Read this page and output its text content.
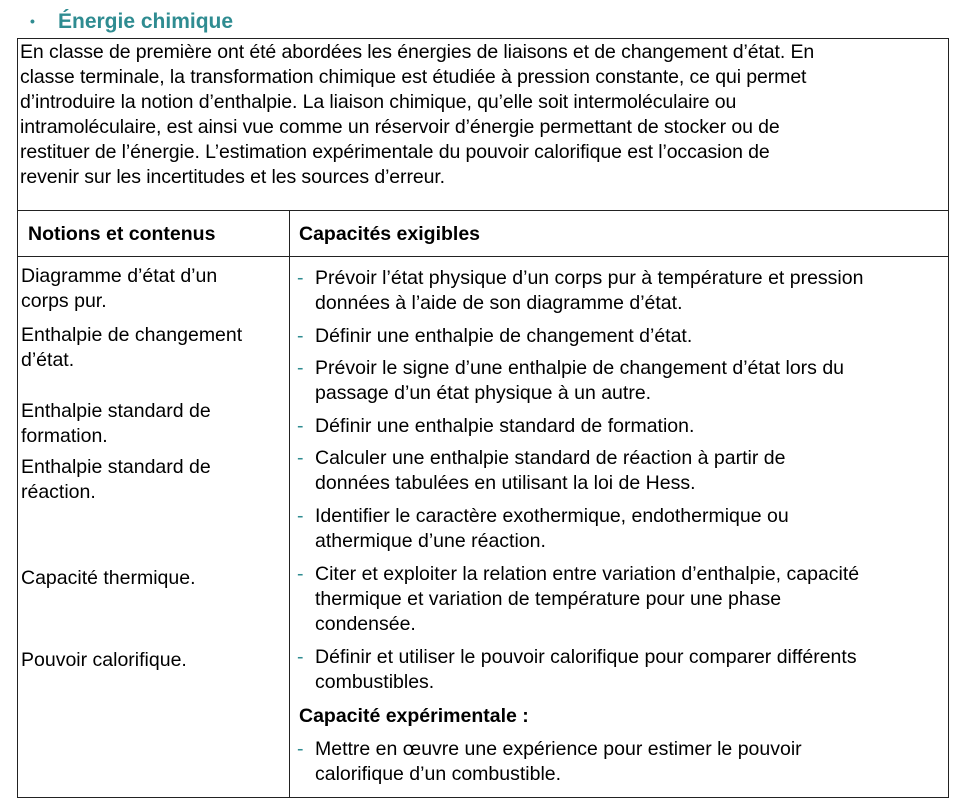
•	Énergie chimique
En classe de première ont été abordées les énergies de liaisons et de changement d’état. En
classe terminale, la transformation chimique est étudiée à pression constante, ce qui permet
d’introduire la notion d’enthalpie. La liaison chimique, qu’elle soit intermoléculaire ou
intramoléculaire, est ainsi vue comme un réservoir d’énergie permettant de stocker ou de
restituer de l’énergie. L’estimation expérimentale du pouvoir calorifique est l’occasion de
revenir sur les incertitudes et les sources d’erreur.
Notions et contenus	Capacités exigibles
Diagramme d’état d’un
corps pur.
Enthalpie de changement
d’état.
Enthalpie standard de
formation.
Enthalpie standard de
réaction.
Capacité thermique.
Pouvoir calorifique.
- Prévoir l’état physique d’un corps pur à température et pression
données à l’aide de son diagramme d’état.
- Définir une enthalpie de changement d’état.
- Prévoir le signe d’une enthalpie de changement d’état lors du
passage d’un état physique à un autre.
- Définir une enthalpie standard de formation.
- Calculer une enthalpie standard de réaction à partir de
données tabulées en utilisant la loi de Hess.
- Identifier le caractère exothermique, endothermique ou
athermique d’une réaction.
- Citer et exploiter la relation entre variation d’enthalpie, capacité
thermique et variation de température pour une phase
condensée.
- Définir et utiliser le pouvoir calorifique pour comparer différents
combustibles.
Capacité expérimentale :
- Mettre en œuvre une expérience pour estimer le pouvoir
calorifique d’un combustible.
